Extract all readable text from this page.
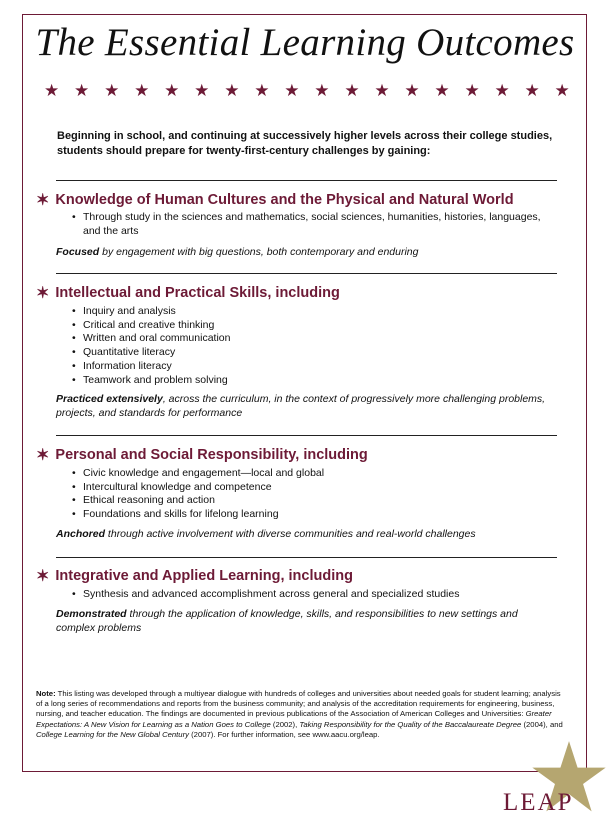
The Essential Learning Outcomes
★ ★ ★ ★ ★ ★ ★ ★ ★ ★ ★ ★ ★ ★ ★ ★ ★ ★
Beginning in school, and continuing at successively higher levels across their college studies, students should prepare for twenty-first-century challenges by gaining:
✶ Knowledge of Human Cultures and the Physical and Natural World
• Through study in the sciences and mathematics, social sciences, humanities, histories, languages, and the arts
Focused by engagement with big questions, both contemporary and enduring
✶ Intellectual and Practical Skills, including
• Inquiry and analysis
• Critical and creative thinking
• Written and oral communication
• Quantitative literacy
• Information literacy
• Teamwork and problem solving
Practiced extensively, across the curriculum, in the context of progressively more challenging problems, projects, and standards for performance
✶ Personal and Social Responsibility, including
• Civic knowledge and engagement—local and global
• Intercultural knowledge and competence
• Ethical reasoning and action
• Foundations and skills for lifelong learning
Anchored through active involvement with diverse communities and real-world challenges
✶ Integrative and Applied Learning, including
• Synthesis and advanced accomplishment across general and specialized studies
Demonstrated through the application of knowledge, skills, and responsibilities to new settings and complex problems
Note: This listing was developed through a multiyear dialogue with hundreds of colleges and universities about needed goals for student learning; analysis of a long series of recommendations and reports from the business community; and analysis of the accreditation requirements for engineering, business, nursing, and teacher education. The findings are documented in previous publications of the Association of American Colleges and Universities: Greater Expectations: A New Vision for Learning as a Nation Goes to College (2002), Taking Responsibility for the Quality of the Baccalaureate Degree (2004), and College Learning for the New Global Century (2007). For further information, see www.aacu.org/leap.
LEAP
